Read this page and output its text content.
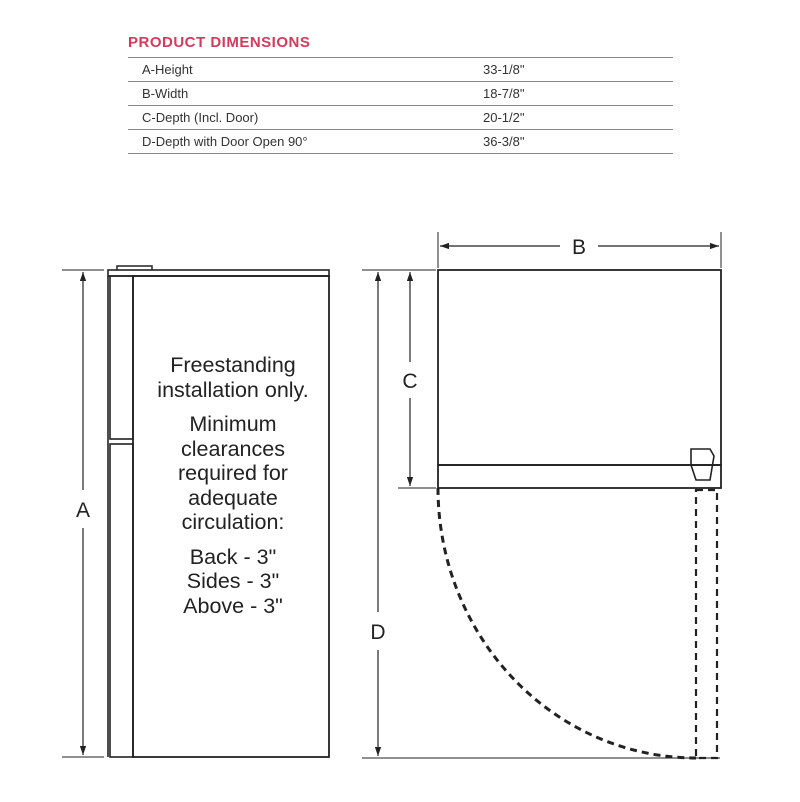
PRODUCT DIMENSIONS
A-Height	33-1/8"
B-Width	18-7/8"
C-Depth (Incl. Door)	20-1/2"
D-Depth with Door Open 90°	36-3/8"
A
B
C
D
Freestanding
installation only.
Minimum
clearances
required for
adequate
circulation:
Back - 3"
Sides - 3"
Above - 3"
